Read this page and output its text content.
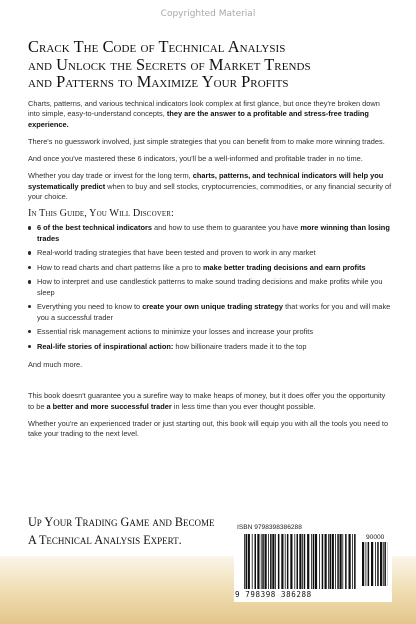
Copyrighted Material
Crack The Code of Technical Analysis
and Unlock the Secrets of Market Trends
and Patterns to Maximize Your Profits

Charts, patterns, and various technical indicators look complex at first glance, but once they're broken down into simple, easy-to-understand concepts, they are the answer to a profitable and stress-free trading experience.

There's no guesswork involved, just simple strategies that you can benefit from to make more winning trades.

And once you've mastered these 6 indicators, you'll be a well-informed and profitable trader in no time.

Whether you day trade or invest for the long term, charts, patterns, and technical indicators will help you systematically predict when to buy and sell stocks, cryptocurrencies, commodities, or any financial security of your choice.

In This Guide, You Will Discover:
6 of the best technical indicators and how to use them to guarantee you have more winning than losing trades
Real-world trading strategies that have been tested and proven to work in any market
How to read charts and chart patterns like a pro to make better trading decisions and earn profits
How to interpret and use candlestick patterns to make sound trading decisions and make profits while you sleep
Everything you need to know to create your own unique trading strategy that works for you and will make you a successful trader
Essential risk management actions to minimize your losses and increase your profits
Real-life stories of inspirational action: how billionaire traders made it to the top

And much more.

This book doesn't guarantee you a surefire way to make heaps of money, but it does offer you the opportunity to be a better and more successful trader in less time than you ever thought possible.

Whether you're an experienced trader or just starting out, this book will equip you with all the tools you need to take your trading to the next level.

Up Your Trading Game and Become
A Technical Analysis Expert.
ISBN 9798398386288
90000
9 798398 386288
